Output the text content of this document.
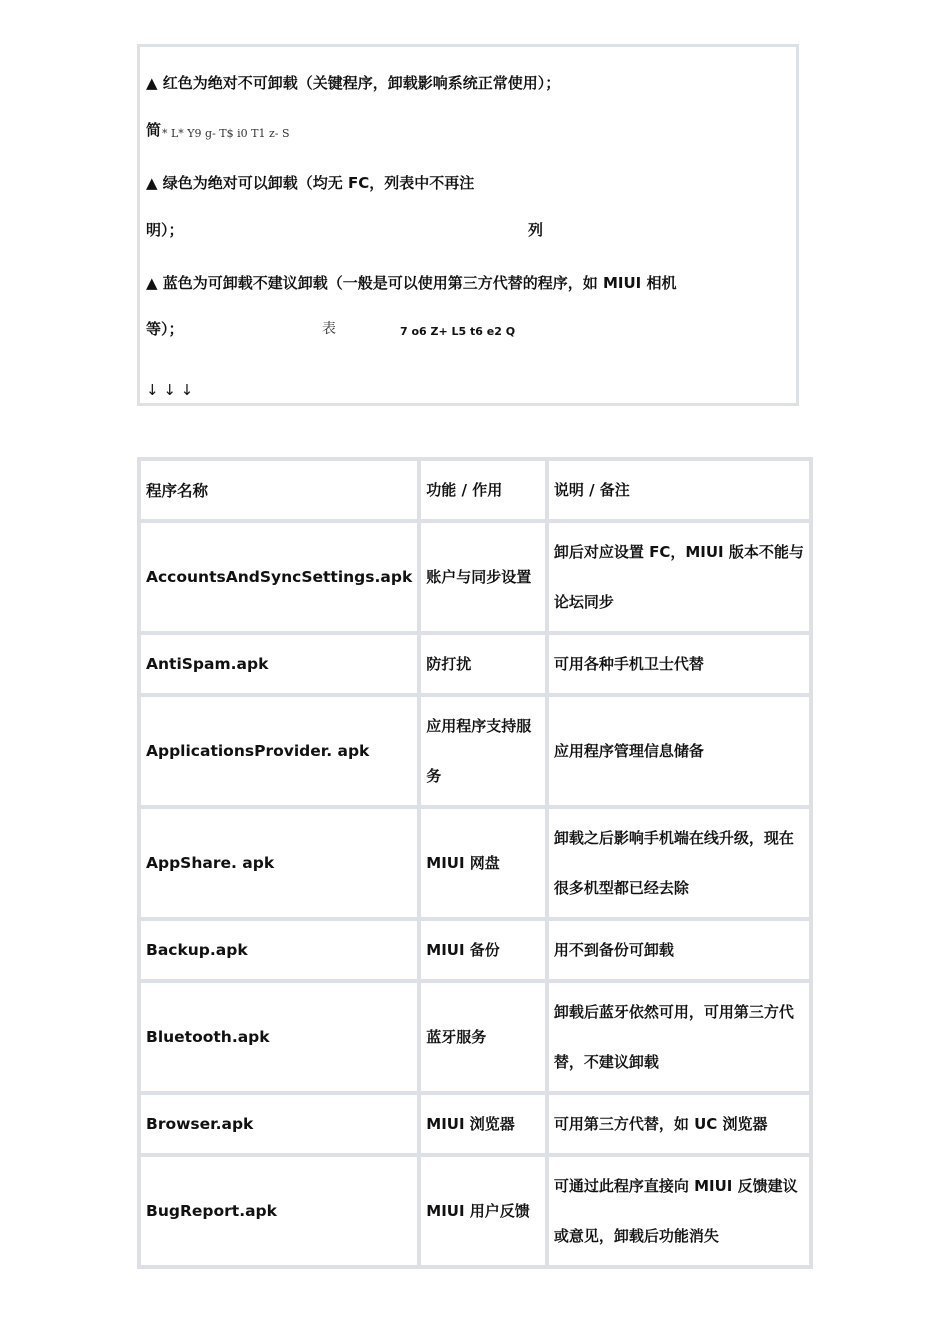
▲ 红色为绝对不可卸载（关键程序，卸载影响系统正常使用）；
简 * L* Y9 g- T$ i0 T1 z- S
▲ 绿色为绝对可以卸载（均无 FC，列表中不再注
明）；	列
▲ 蓝色为可卸载不建议卸载（一般是可以使用第三方代替的程序，如 MIUI 相机
等）；	表	7 o6 Z+ L5 t6 e2 Q
↓ ↓ ↓
程序名称	功能 / 作用	说明 / 备注
AccountsAndSyncSettings.apk	账户与同步设置	卸后对应设置 FC，MIUI 版本不能与论坛同步
AntiSpam.apk	防打扰	可用各种手机卫士代替
ApplicationsProvider. apk	应用程序支持服务	应用程序管理信息储备
AppShare. apk	MIUI 网盘	卸载之后影响手机端在线升级，现在很多机型都已经去除
Backup.apk	MIUI 备份	用不到备份可卸载
Bluetooth.apk	蓝牙服务	卸载后蓝牙依然可用，可用第三方代替，不建议卸载
Browser.apk	MIUI 浏览器	可用第三方代替，如 UC 浏览器
BugReport.apk	MIUI 用户反馈	可通过此程序直接向 MIUI 反馈建议或意见，卸载后功能消失
